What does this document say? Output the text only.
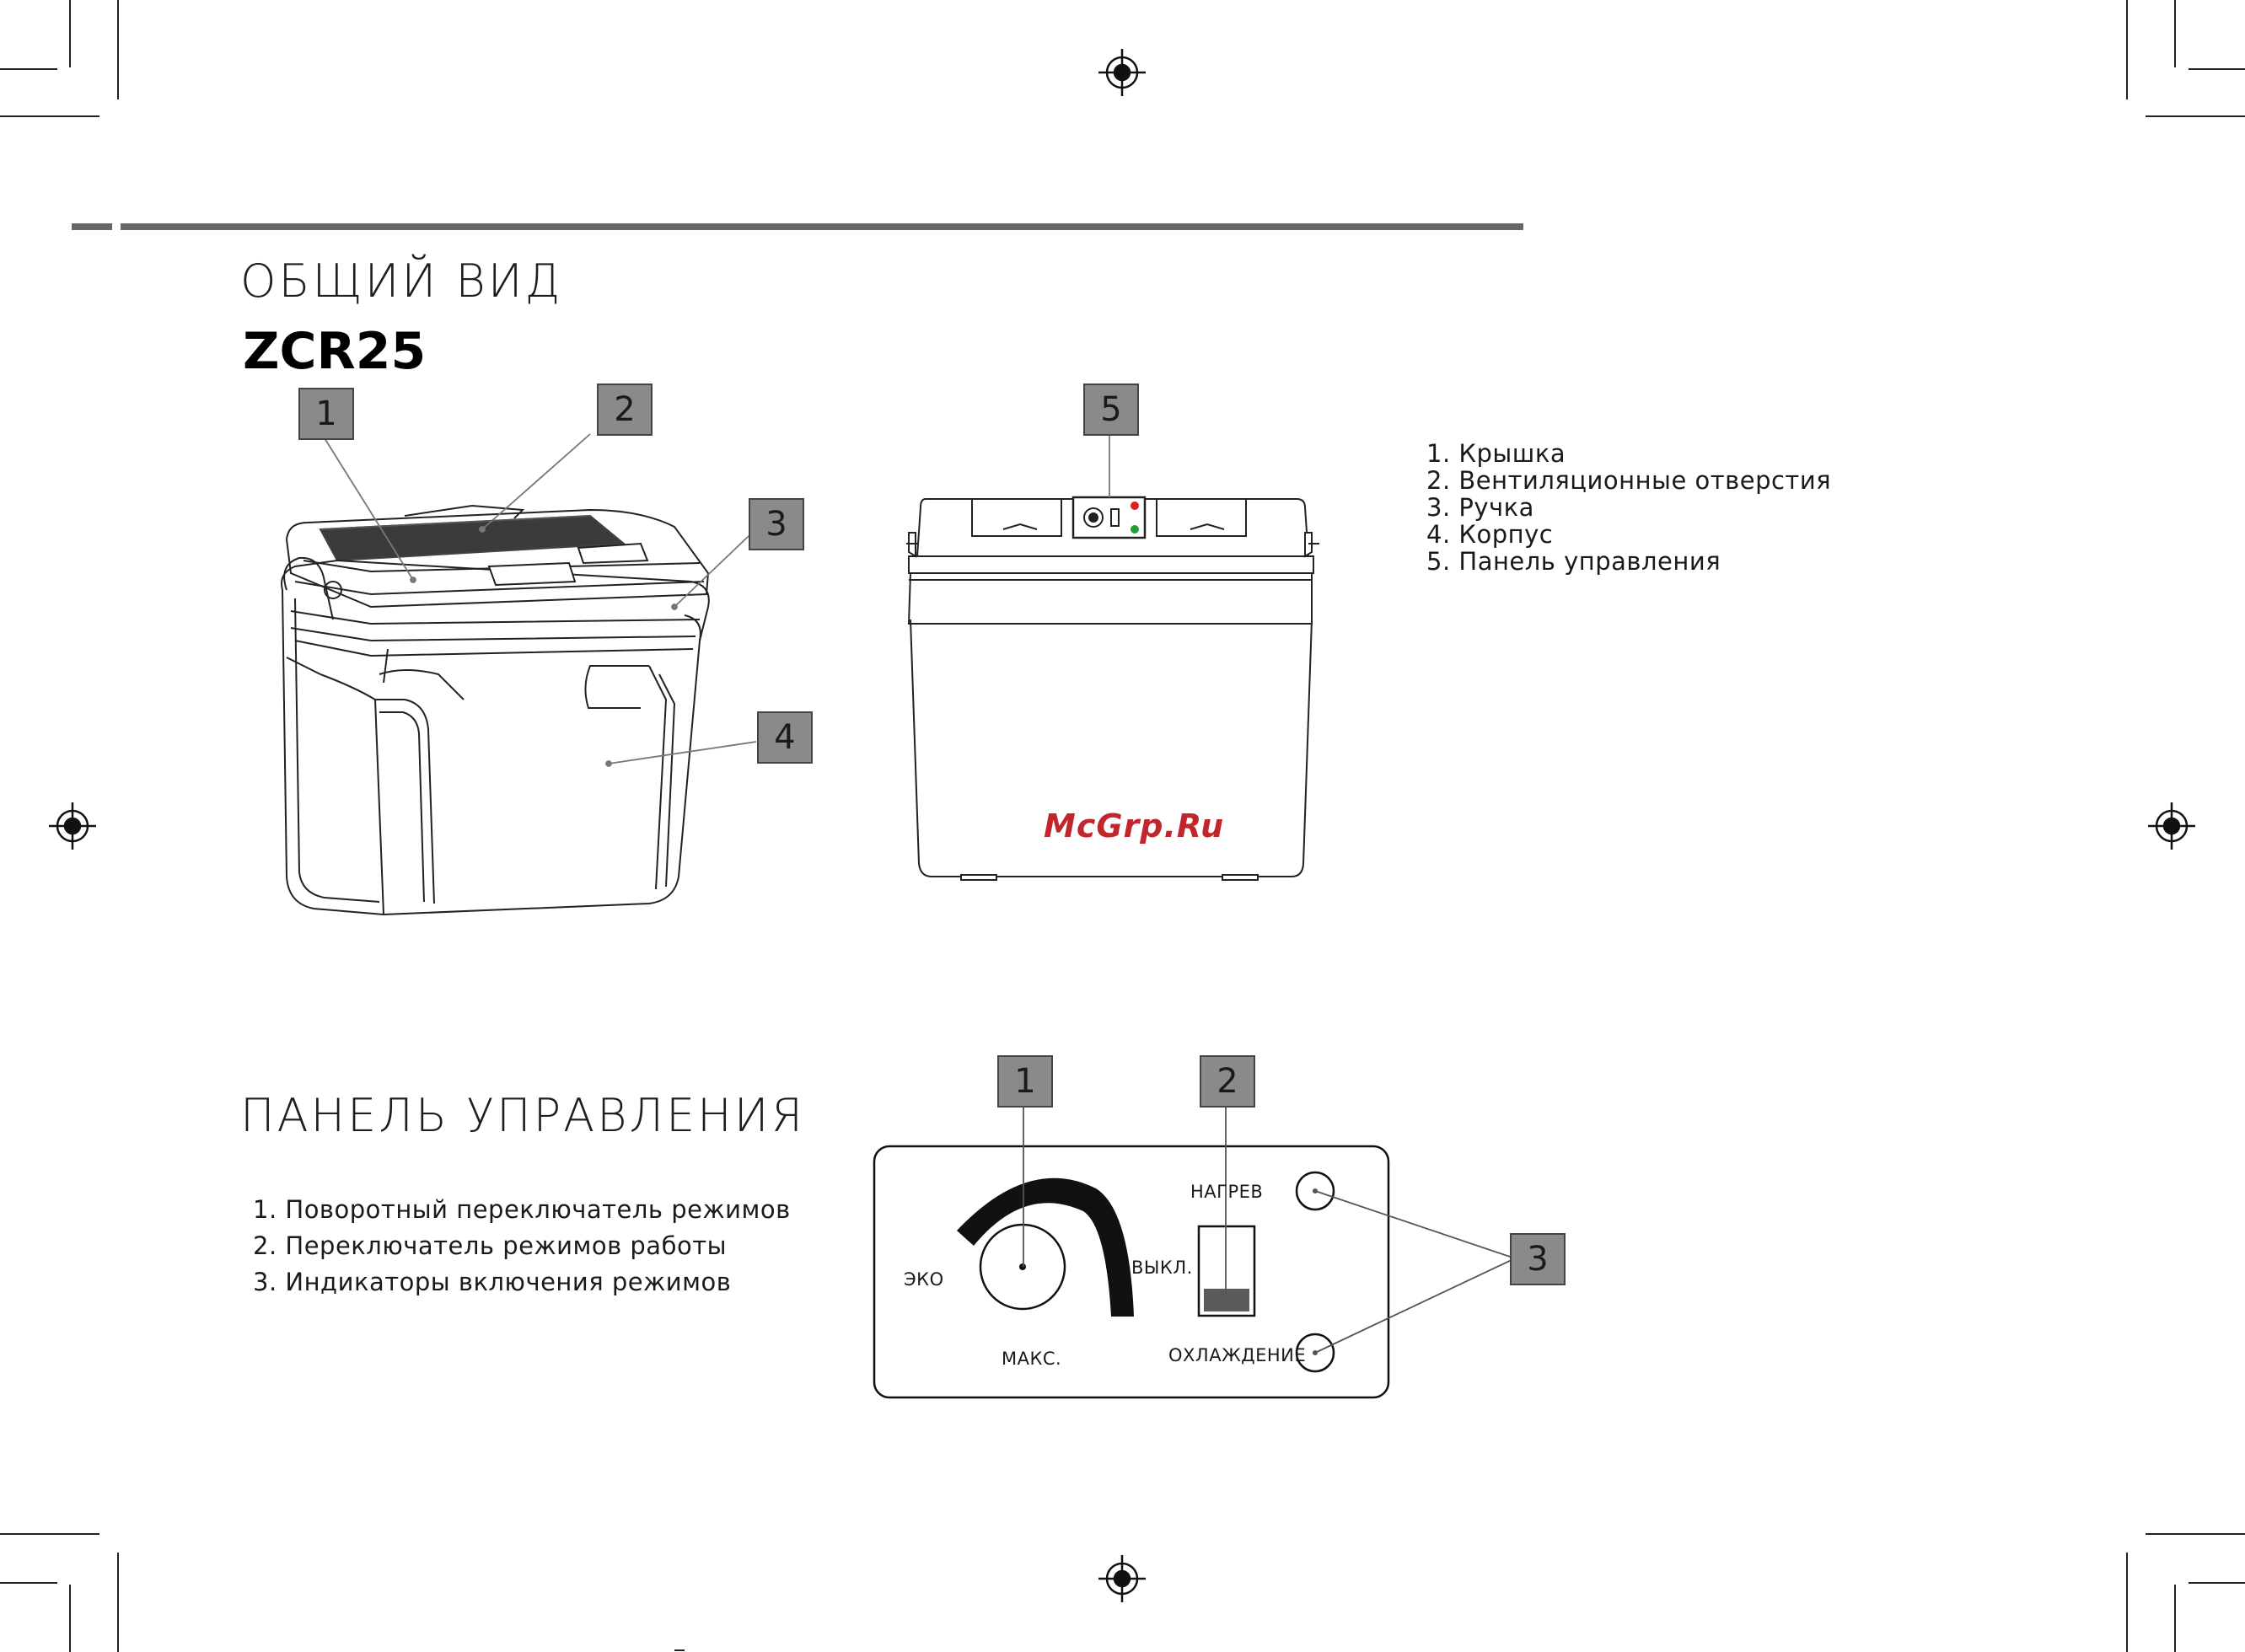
ОБЩИЙ ВИД
ZCR25
1	2
3
4
5
1. Крышка
2. Вентиляционные отверстия
3. Ручка
4. Корпус
5. Панель управления
McGrp.Ru
ПАНЕЛЬ УПРАВЛЕНИЯ
1. Поворотный переключатель режимов
2. Переключатель режимов работы
3. Индикаторы включения режимов
1	2
3
ЭКО
МАКС.
ВЫКЛ.
НАГРЕВ
ОХЛАЖДЕНИЕ
